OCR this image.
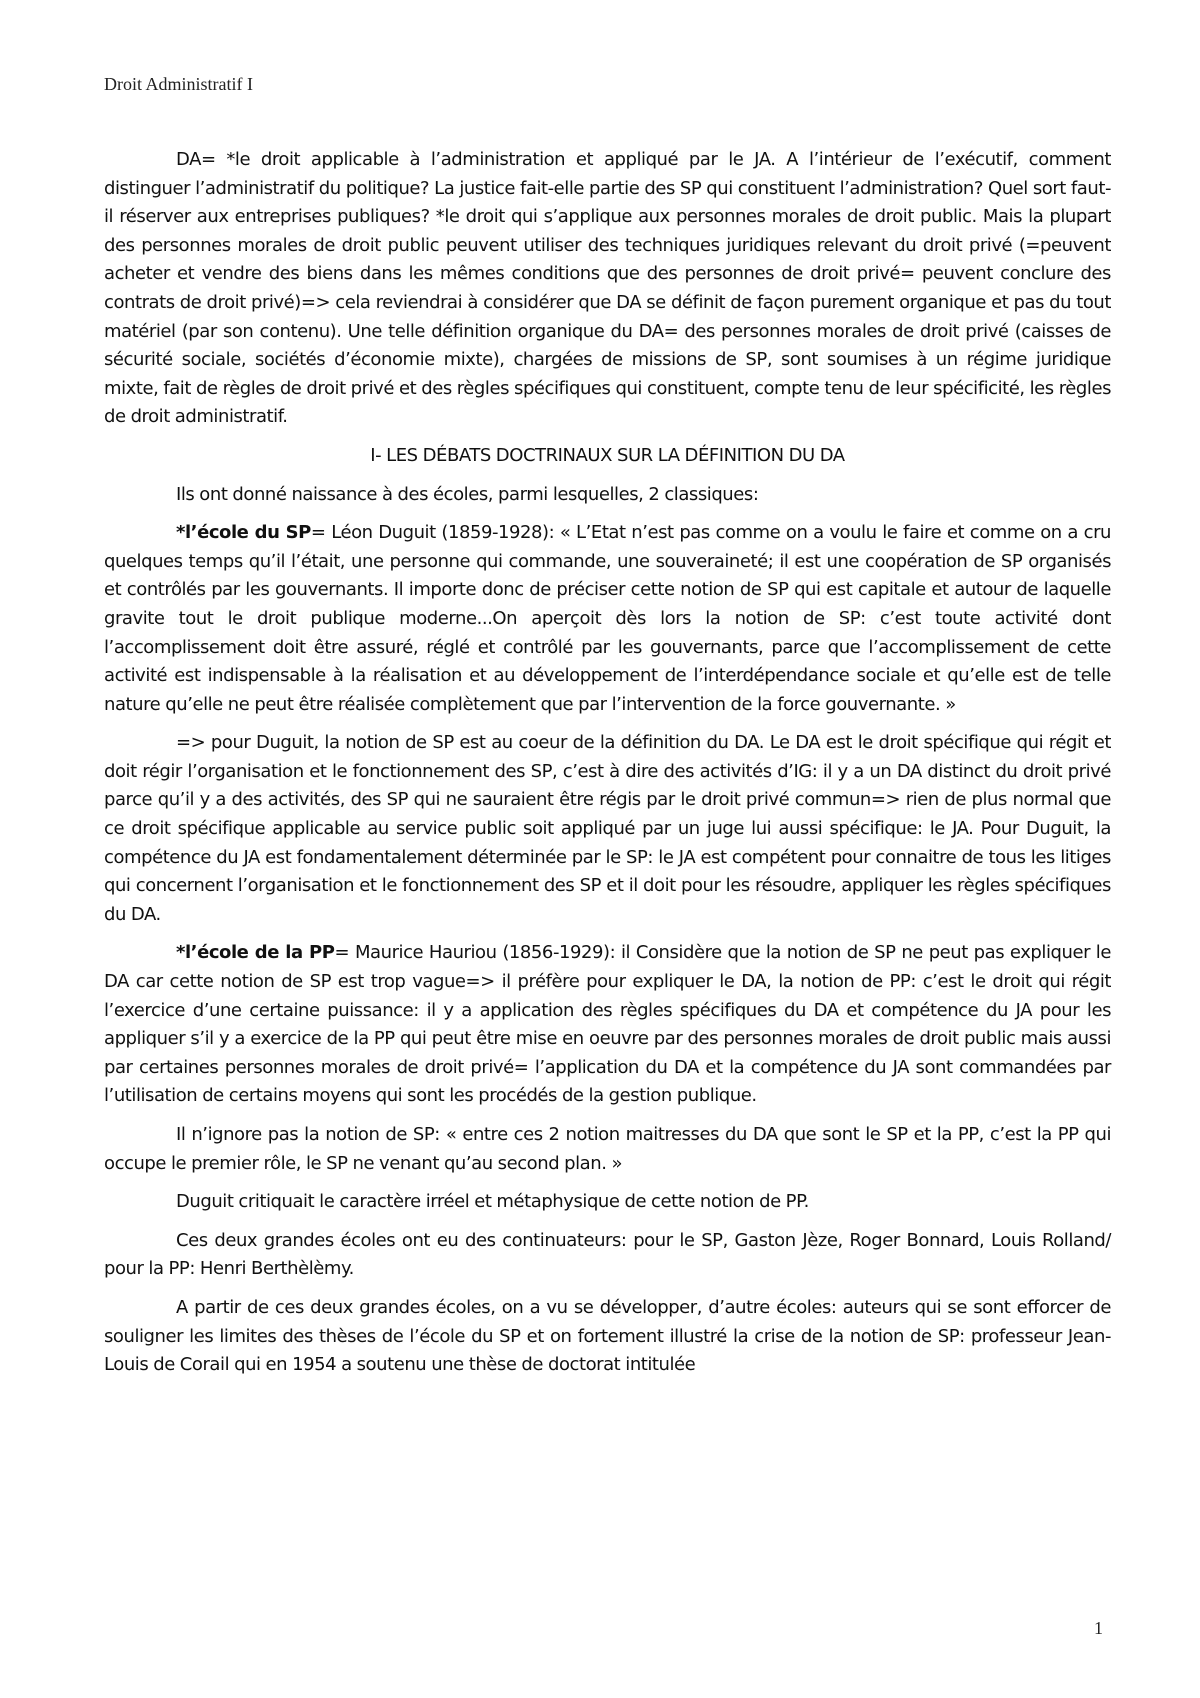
Droit Administratif I

DA= *le droit applicable à l’administration et appliqué par le JA. A l’intérieur de l’exécutif, comment distinguer l’administratif du politique? La justice fait-elle partie des SP qui constituent l’administration? Quel sort faut-il réserver aux entreprises publiques? *le droit qui s’applique aux personnes morales de droit public. Mais la plupart des personnes morales de droit public peuvent utiliser des techniques juridiques relevant du droit privé (=peuvent acheter et vendre des biens dans les mêmes conditions que des personnes de droit privé= peuvent conclure des contrats de droit privé)=> cela reviendrai à considérer que DA se définit de façon purement organique et pas du tout matériel (par son contenu). Une telle définition organique du DA= des personnes morales de droit privé (caisses de sécurité sociale, sociétés d’économie mixte), chargées de missions de SP, sont soumises à un régime juridique mixte, fait de règles de droit privé et des règles spécifiques qui constituent, compte tenu de leur spécificité, les règles de droit administratif.

I- LES DÉBATS DOCTRINAUX SUR LA DÉFINITION DU DA

Ils ont donné naissance à des écoles, parmi lesquelles, 2 classiques:

*l’école du SP= Léon Duguit (1859-1928): « L’Etat n’est pas comme on a voulu le faire et comme on a cru quelques temps qu’il l’était, une personne qui commande, une souveraineté; il est une coopération de SP organisés et contrôlés par les gouvernants. Il importe donc de préciser cette notion de SP qui est capitale et autour de laquelle gravite tout le droit publique moderne...On aperçoit dès lors la notion de SP: c’est toute activité dont l’accomplissement doit être assuré, réglé et contrôlé par les gouvernants, parce que l’accomplissement de cette activité est indispensable à la réalisation et au développement de l’interdépendance sociale et qu’elle est de telle nature qu’elle ne peut être réalisée complètement que par l’intervention de la force gouvernante. »

=> pour Duguit, la notion de SP est au coeur de la définition du DA. Le DA est le droit spécifique qui régit et doit régir l’organisation et le fonctionnement des SP, c’est à dire des activités d’IG: il y a un DA distinct du droit privé parce qu’il y a des activités, des SP qui ne sauraient être régis par le droit privé commun=> rien de plus normal que ce droit spécifique applicable au service public soit appliqué par un juge lui aussi spécifique: le JA. Pour Duguit, la compétence du JA est fondamentalement déterminée par le SP: le JA est compétent pour connaitre de tous les litiges qui concernent l’organisation et le fonctionnement des SP et il doit pour les résoudre, appliquer les règles spécifiques du DA.

*l’école de la PP= Maurice Hauriou (1856-1929): il Considère que la notion de SP ne peut pas expliquer le DA car cette notion de SP est trop vague=> il préfère pour expliquer le DA, la notion de PP: c’est le droit qui régit l’exercice d’une certaine puissance: il y a application des règles spécifiques du DA et compétence du JA pour les appliquer s’il y a exercice de la PP qui peut être mise en oeuvre par des personnes morales de droit public mais aussi par certaines personnes morales de droit privé= l’application du DA et la compétence du JA sont commandées par l’utilisation de certains moyens qui sont les procédés de la gestion publique.

Il n’ignore pas la notion de SP: « entre ces 2 notion maitresses du DA que sont le SP et la PP, c’est la PP qui occupe le premier rôle, le SP ne venant qu’au second plan. »

Duguit critiquait le caractère irréel et métaphysique de cette notion de PP.

Ces deux grandes écoles ont eu des continuateurs: pour le SP, Gaston Jèze, Roger Bonnard, Louis Rolland/ pour la PP: Henri Berthèlèmy.

A partir de ces deux grandes écoles, on a vu se développer, d’autre écoles: auteurs qui se sont efforcer de souligner les limites des thèses de l’école du SP et on fortement illustré la crise de la notion de SP: professeur Jean-Louis de Corail qui en 1954 a soutenu une thèse de doctorat intitulée

1
